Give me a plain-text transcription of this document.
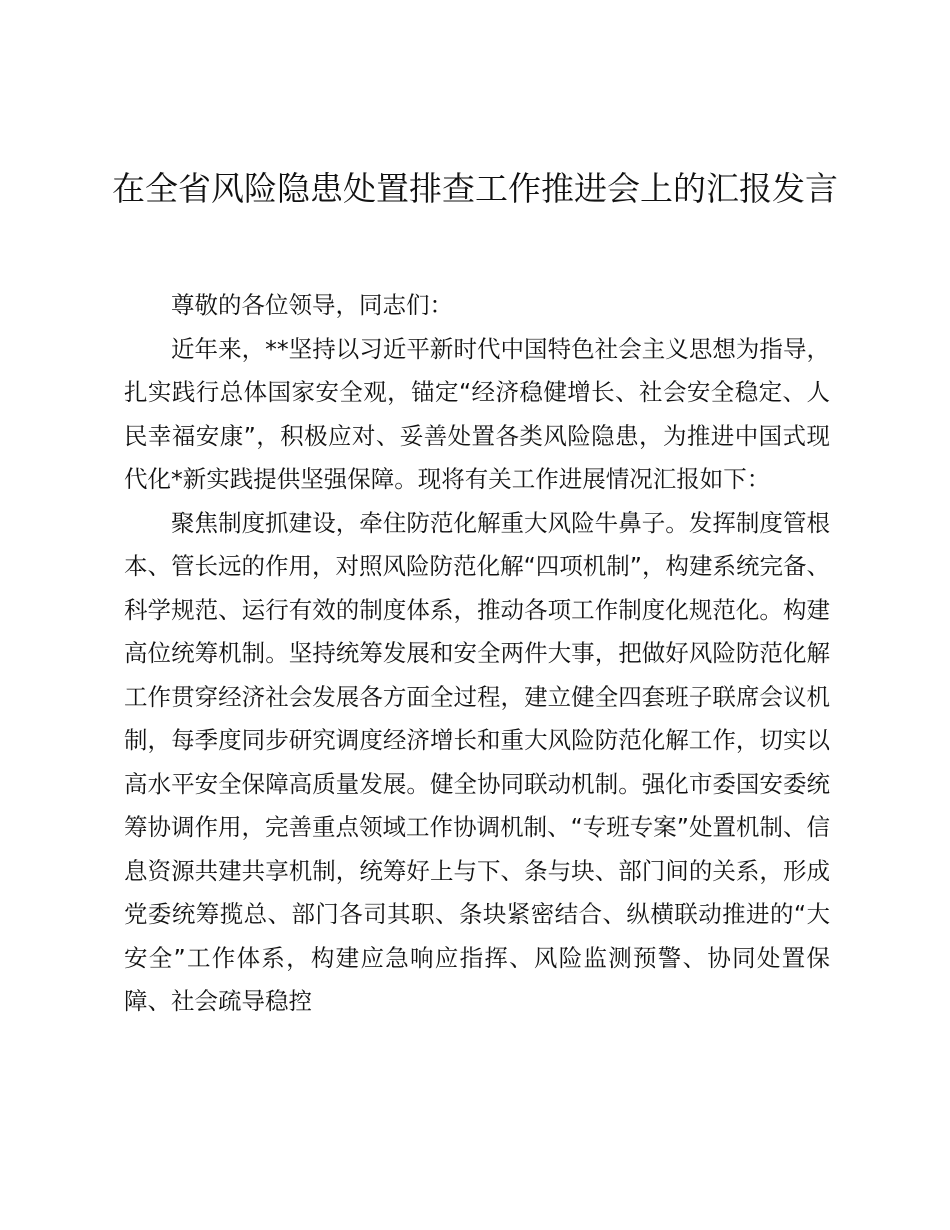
在全省风险隐患处置排查工作推进会上的汇报发言

尊敬的各位领导，同志们：

近年来，**坚持以习近平新时代中国特色社会主义思想为指导，扎实践行总体国家安全观，锚定“经济稳健增长、社会安全稳定、人民幸福安康”，积极应对、妥善处置各类风险隐患，为推进中国式现代化*新实践提供坚强保障。现将有关工作进展情况汇报如下：

聚焦制度抓建设，牵住防范化解重大风险牛鼻子。发挥制度管根本、管长远的作用，对照风险防范化解“四项机制”，构建系统完备、科学规范、运行有效的制度体系，推动各项工作制度化规范化。构建高位统筹机制。坚持统筹发展和安全两件大事，把做好风险防范化解工作贯穿经济社会发展各方面全过程，建立健全四套班子联席会议机制，每季度同步研究调度经济增长和重大风险防范化解工作，切实以高水平安全保障高质量发展。健全协同联动机制。强化市委国安委统筹协调作用，完善重点领域工作协调机制、“专班专案”处置机制、信息资源共建共享机制，统筹好上与下、条与块、部门间的关系，形成党委统筹揽总、部门各司其职、条块紧密结合、纵横联动推进的“大安全”工作体系，构建应急响应指挥、风险监测预警、协同处置保障、社会疏导稳控
